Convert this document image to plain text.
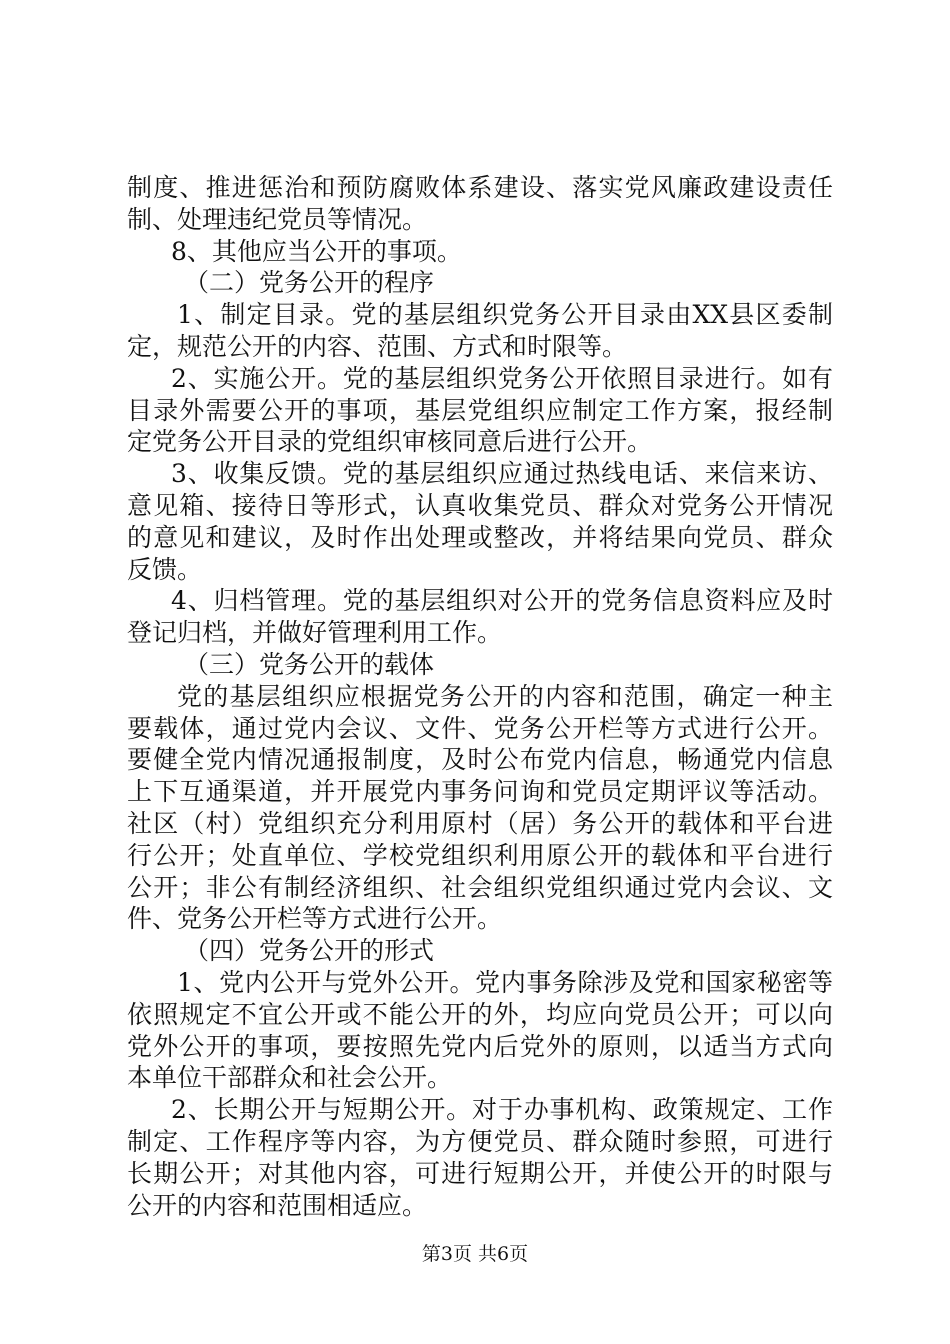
制度、推进惩治和预防腐败体系建设、落实党风廉政建设责任
制、处理违纪党员等情况。
8、其他应当公开的事项。
（二）党务公开的程序
1、制定目录。党的基层组织党务公开目录由XX县区委制
定，规范公开的内容、范围、方式和时限等。
2、实施公开。党的基层组织党务公开依照目录进行。如有
目录外需要公开的事项，基层党组织应制定工作方案，报经制
定党务公开目录的党组织审核同意后进行公开。
3、收集反馈。党的基层组织应通过热线电话、来信来访、
意见箱、接待日等形式，认真收集党员、群众对党务公开情况
的意见和建议，及时作出处理或整改，并将结果向党员、群众
反馈。
4、归档管理。党的基层组织对公开的党务信息资料应及时
登记归档，并做好管理利用工作。
（三）党务公开的载体
党的基层组织应根据党务公开的内容和范围，确定一种主
要载体，通过党内会议、文件、党务公开栏等方式进行公开。
要健全党内情况通报制度，及时公布党内信息，畅通党内信息
上下互通渠道，并开展党内事务问询和党员定期评议等活动。
社区（村）党组织充分利用原村（居）务公开的载体和平台进
行公开；处直单位、学校党组织利用原公开的载体和平台进行
公开；非公有制经济组织、社会组织党组织通过党内会议、文
件、党务公开栏等方式进行公开。
（四）党务公开的形式
1、党内公开与党外公开。党内事务除涉及党和国家秘密等
依照规定不宜公开或不能公开的外，均应向党员公开；可以向
党外公开的事项，要按照先党内后党外的原则，以适当方式向
本单位干部群众和社会公开。
2、长期公开与短期公开。对于办事机构、政策规定、工作
制定、工作程序等内容，为方便党员、群众随时参照，可进行
长期公开；对其他内容，可进行短期公开，并使公开的时限与
公开的内容和范围相适应。
第3页 共6页
